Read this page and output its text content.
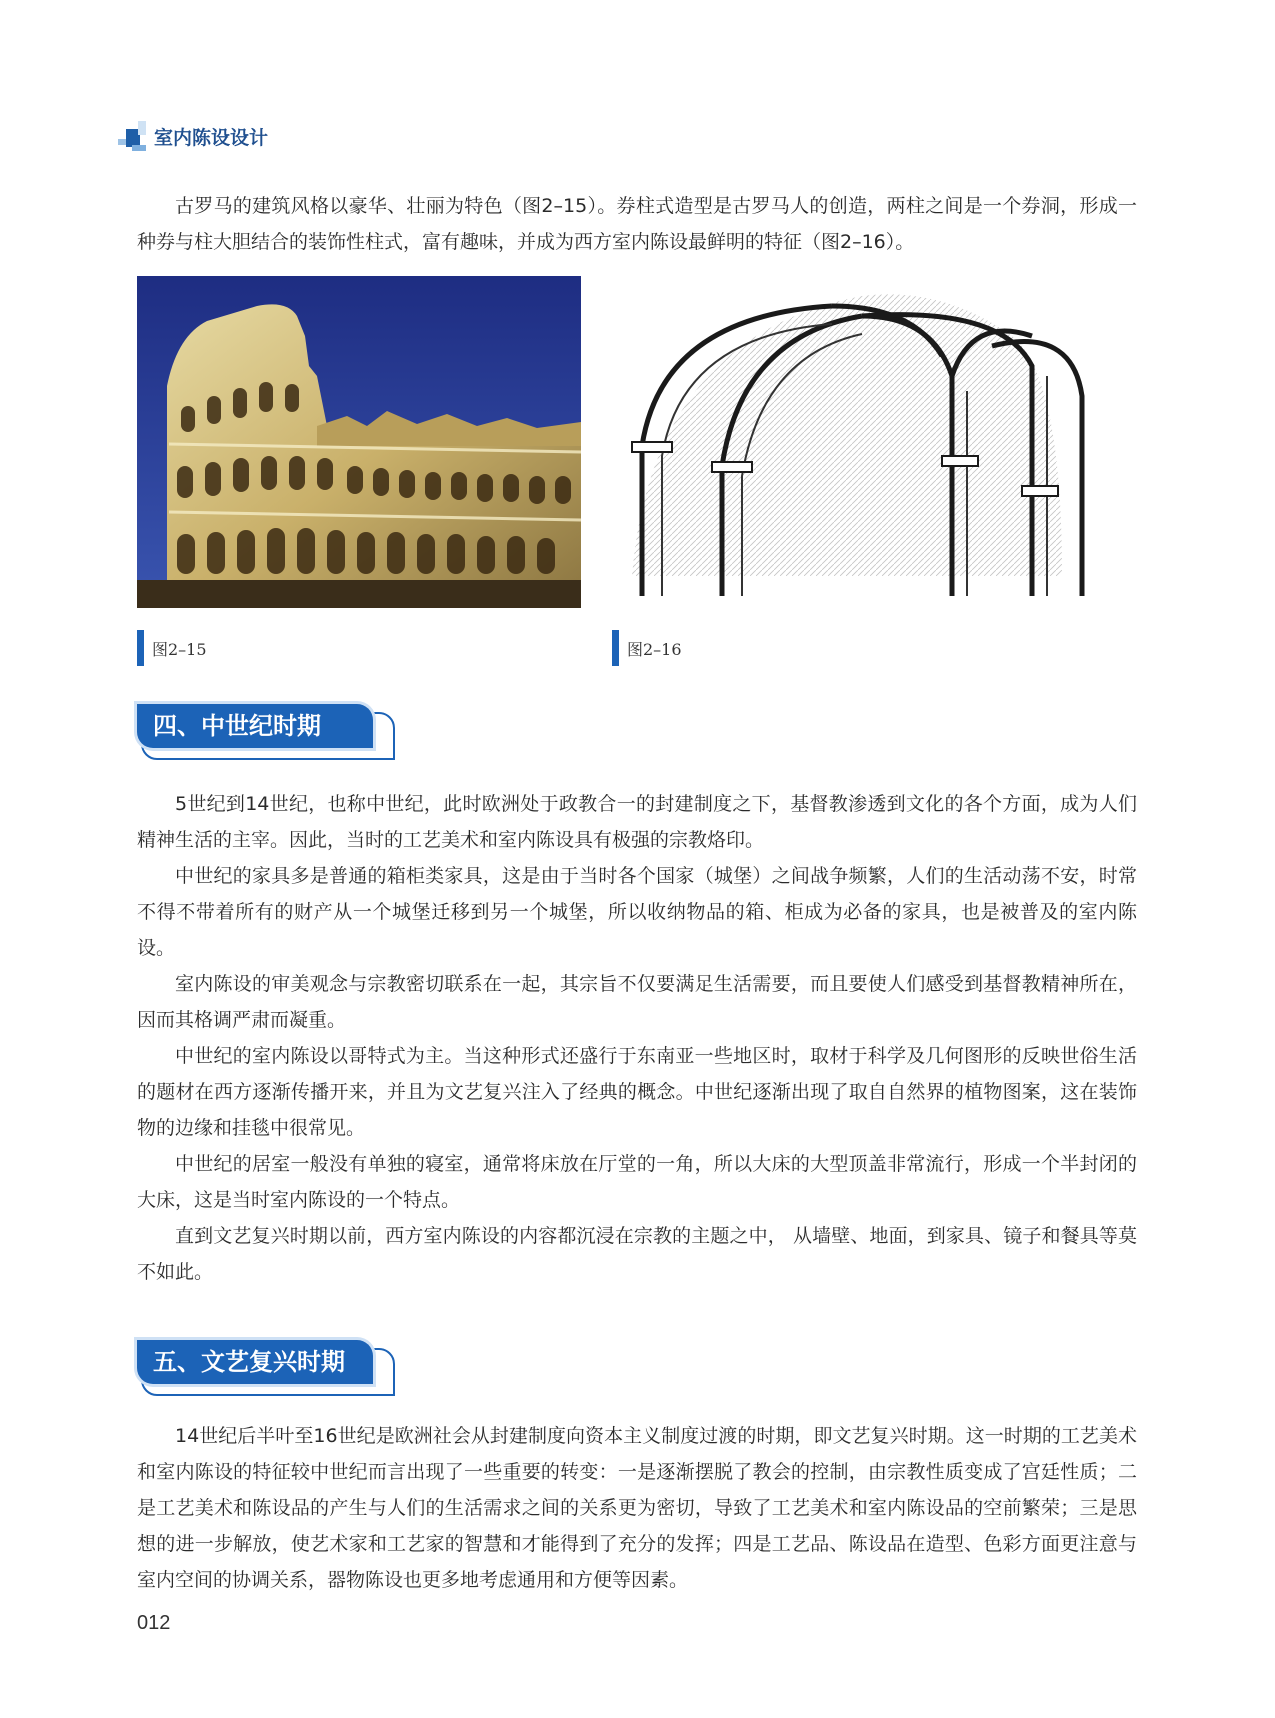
室内陈设设计

古罗马的建筑风格以豪华、壮丽为特色（图2–15）。券柱式造型是古罗马人的创造，两柱之间是一个券洞，形成一种券与柱大胆结合的装饰性柱式，富有趣味，并成为西方室内陈设最鲜明的特征（图2–16）。

图2–15	图2–16
四、中世纪时期

5世纪到14世纪，也称中世纪，此时欧洲处于政教合一的封建制度之下，基督教渗透到文化的各个方面，成为人们精神生活的主宰。因此，当时的工艺美术和室内陈设具有极强的宗教烙印。

中世纪的家具多是普通的箱柜类家具，这是由于当时各个国家（城堡）之间战争频繁，人们的生活动荡不安，时常不得不带着所有的财产从一个城堡迁移到另一个城堡，所以收纳物品的箱、柜成为必备的家具，也是被普及的室内陈设。

室内陈设的审美观念与宗教密切联系在一起，其宗旨不仅要满足生活需要，而且要使人们感受到基督教精神所在，因而其格调严肃而凝重。

中世纪的室内陈设以哥特式为主。当这种形式还盛行于东南亚一些地区时，取材于科学及几何图形的反映世俗生活的题材在西方逐渐传播开来，并且为文艺复兴注入了经典的概念。中世纪逐渐出现了取自自然界的植物图案，这在装饰物的边缘和挂毯中很常见。

中世纪的居室一般没有单独的寝室，通常将床放在厅堂的一角，所以大床的大型顶盖非常流行，形成一个半封闭的大床，这是当时室内陈设的一个特点。

直到文艺复兴时期以前，西方室内陈设的内容都沉浸在宗教的主题之中， 从墙壁、地面，到家具、镜子和餐具等莫不如此。

五、文艺复兴时期

14世纪后半叶至16世纪是欧洲社会从封建制度向资本主义制度过渡的时期，即文艺复兴时期。这一时期的工艺美术和室内陈设的特征较中世纪而言出现了一些重要的转变：一是逐渐摆脱了教会的控制，由宗教性质变成了宫廷性质；二是工艺美术和陈设品的产生与人们的生活需求之间的关系更为密切，导致了工艺美术和室内陈设品的空前繁荣；三是思想的进一步解放，使艺术家和工艺家的智慧和才能得到了充分的发挥；四是工艺品、陈设品在造型、色彩方面更注意与室内空间的协调关系，器物陈设也更多地考虑通用和方便等因素。

012
